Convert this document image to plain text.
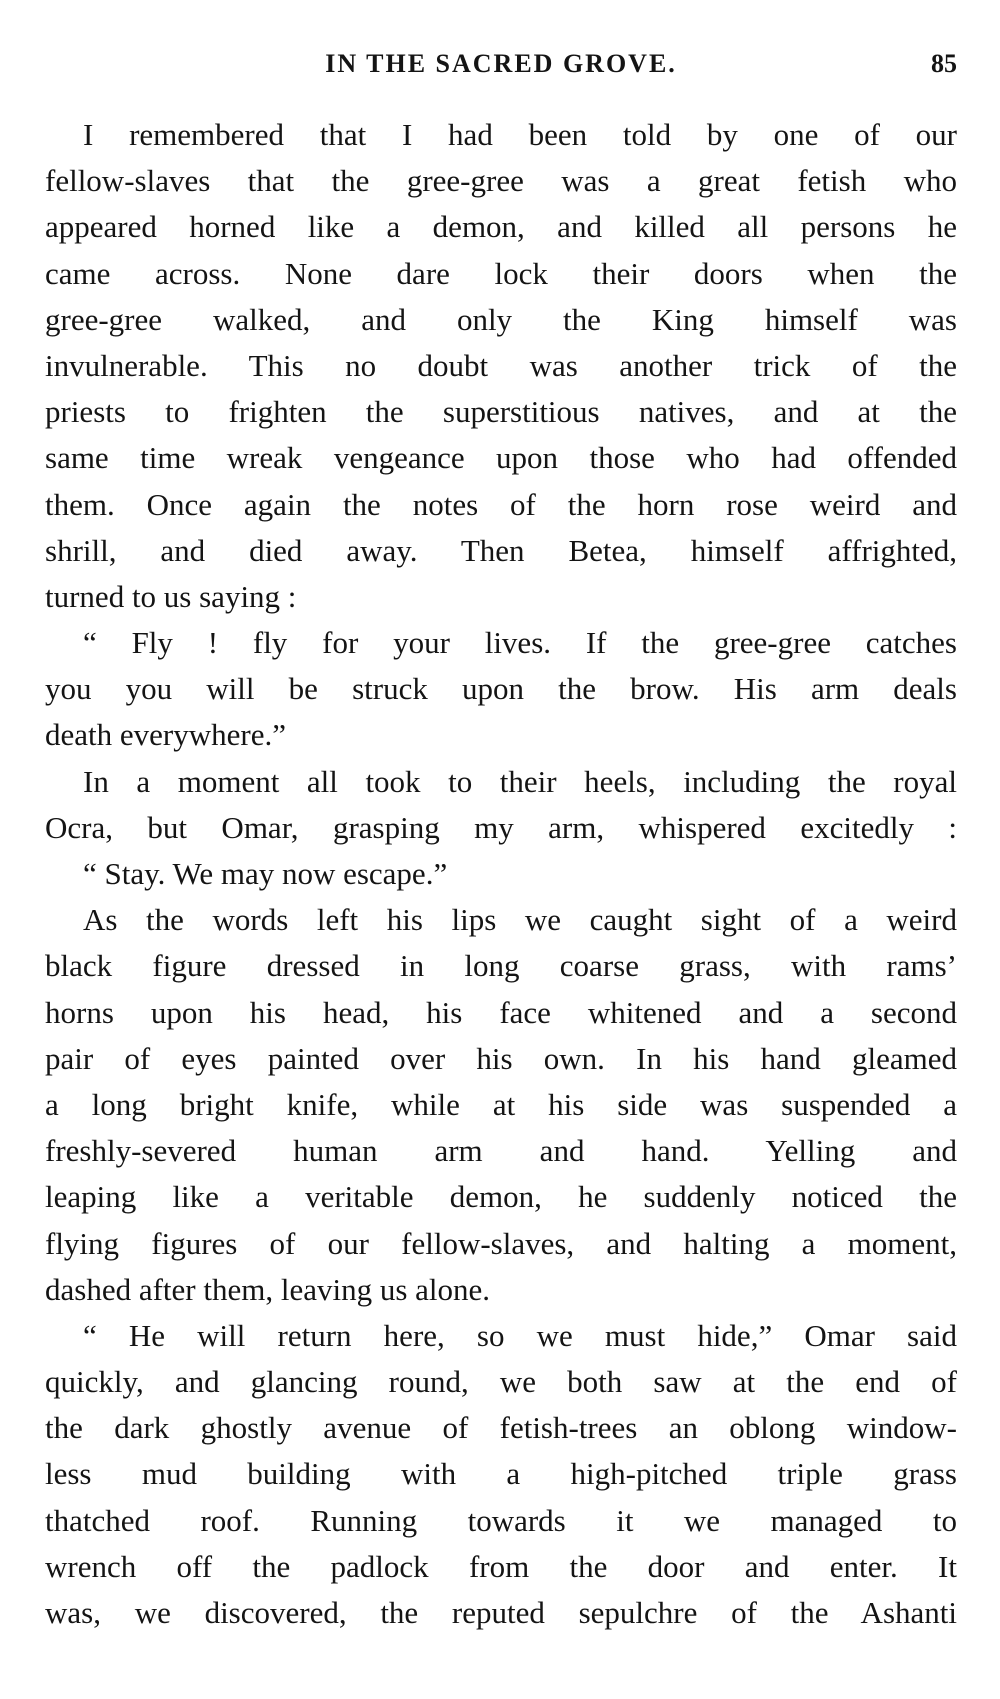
IN THE SACRED GROVE.	85
I remembered that I had been told by one of our
fellow-slaves that the gree-gree was a great fetish who
appeared horned like a demon, and killed all persons he
came across. None dare lock their doors when the
gree-gree walked, and only the King himself was
invulnerable. This no doubt was another trick of the
priests to frighten the superstitious natives, and at the
same time wreak vengeance upon those who had offended
them. Once again the notes of the horn rose weird and
shrill, and died away. Then Betea, himself affrighted,
turned to us saying :
“ Fly ! fly for your lives. If the gree-gree catches
you you will be struck upon the brow. His arm deals
death everywhere.”
In a moment all took to their heels, including the royal
Ocra, but Omar, grasping my arm, whispered excitedly :
“ Stay. We may now escape.”
As the words left his lips we caught sight of a weird
black figure dressed in long coarse grass, with rams’
horns upon his head, his face whitened and a second
pair of eyes painted over his own. In his hand gleamed
a long bright knife, while at his side was suspended a
freshly-severed human arm and hand. Yelling and
leaping like a veritable demon, he suddenly noticed the
flying figures of our fellow-slaves, and halting a moment,
dashed after them, leaving us alone.
“ He will return here, so we must hide,” Omar said
quickly, and glancing round, we both saw at the end of
the dark ghostly avenue of fetish-trees an oblong window-
less mud building with a high-pitched triple grass
thatched roof. Running towards it we managed to
wrench off the padlock from the door and enter. It
was, we discovered, the reputed sepulchre of the Ashanti
